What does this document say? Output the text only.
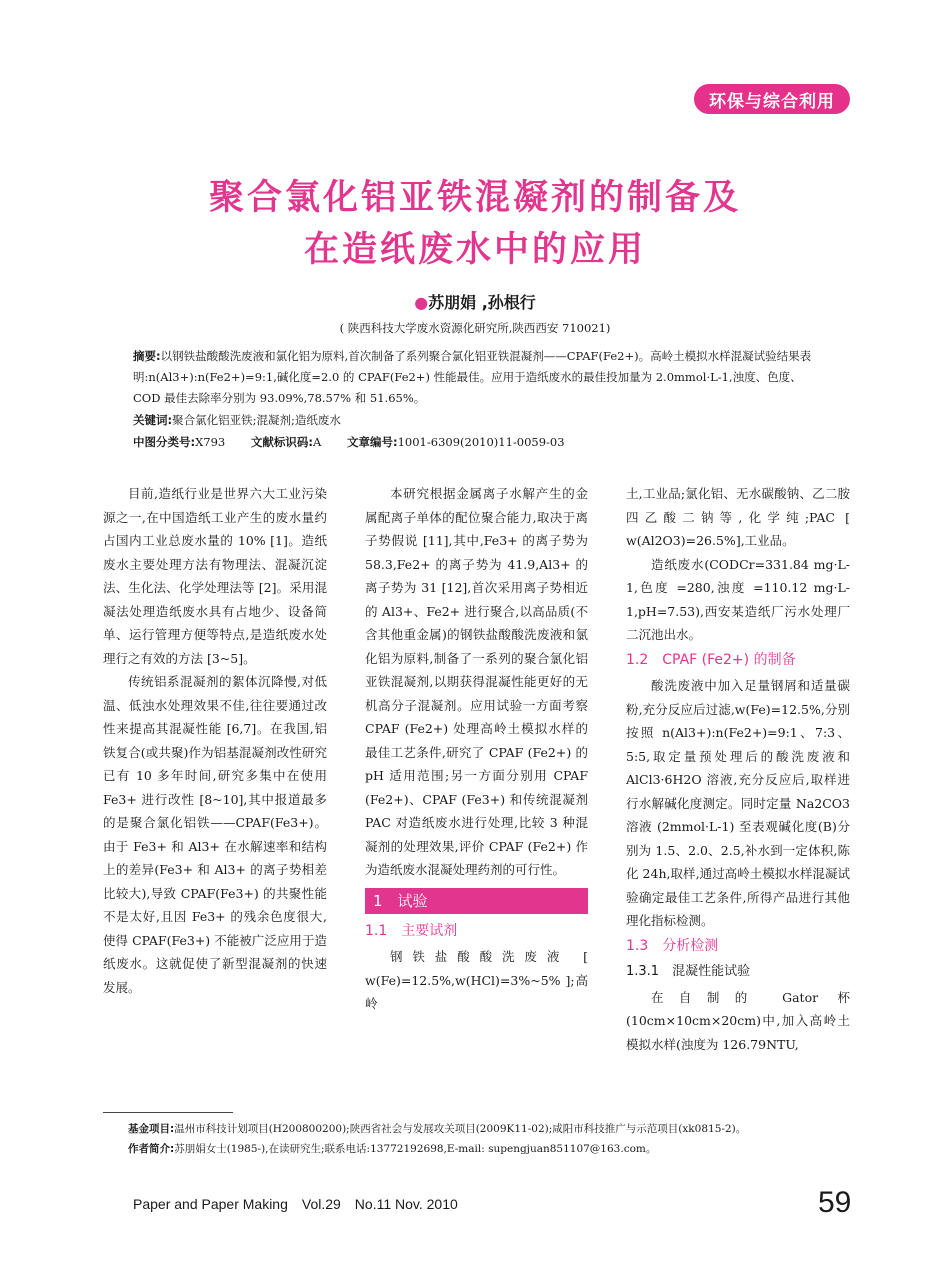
环保与综合利用
聚合氯化铝亚铁混凝剂的制备及
在造纸废水中的应用
●苏朋娟 ,孙根行
( 陕西科技大学废水资源化研究所,陕西西安 710021)
摘要:以钢铁盐酸酸洗废液和氯化铝为原料,首次制备了系列聚合氯化铝亚铁混凝剂——CPAF(Fe2+)。高岭土模拟水样混凝试验结果表明:n(Al3+):n(Fe2+)=9:1,碱化度=2.0 的 CPAF(Fe2+) 性能最佳。应用于造纸废水的最佳投加量为 2.0mmol·L-1,浊度、色度、COD 最佳去除率分别为 93.09%,78.57% 和 51.65%。
关键词:聚合氯化铝亚铁;混凝剂;造纸废水
中图分类号:X793 文献标识码:A 文章编号:1001-6309(2010)11-0059-03

目前,造纸行业是世界六大工业污染源之一,在中国造纸工业产生的废水量约占国内工业总废水量的 10% [1]。造纸废水主要处理方法有物理法、混凝沉淀法、生化法、化学处理法等 [2]。采用混凝法处理造纸废水具有占地少、设备简单、运行管理方便等特点,是造纸废水处理行之有效的方法 [3~5]。

传统铝系混凝剂的絮体沉降慢,对低温、低浊水处理效果不佳,往往要通过改性来提高其混凝性能 [6,7]。在我国,铝铁复合(或共聚)作为铝基混凝剂改性研究已有 10 多年时间,研究多集中在使用 Fe3+ 进行改性 [8~10],其中报道最多的是聚合氯化铝铁——CPAF(Fe3+)。由于 Fe3+ 和 Al3+ 在水解速率和结构上的差异(Fe3+ 和 Al3+ 的离子势相差比较大),导致 CPAF(Fe3+) 的共聚性能不是太好,且因 Fe3+ 的残余色度很大,使得 CPAF(Fe3+) 不能被广泛应用于造纸废水。这就促使了新型混凝剂的快速发展。

本研究根据金属离子水解产生的金属配离子单体的配位聚合能力,取决于离子势假说 [11],其中,Fe3+ 的离子势为 58.3,Fe2+ 的离子势为 41.9,Al3+ 的离子势为 31 [12],首次采用离子势相近的 Al3+、Fe2+ 进行聚合,以高品质(不含其他重金属)的钢铁盐酸酸洗废液和氯化铝为原料,制备了一系列的聚合氯化铝亚铁混凝剂,以期获得混凝性能更好的无机高分子混凝剂。应用试验一方面考察 CPAF (Fe2+) 处理高岭土模拟水样的最佳工艺条件,研究了 CPAF (Fe2+) 的 pH 适用范围;另一方面分别用 CPAF (Fe2+)、CPAF (Fe3+) 和传统混凝剂 PAC 对造纸废水进行处理,比较 3 种混凝剂的处理效果,评价 CPAF (Fe2+) 作为造纸废水混凝处理药剂的可行性。

1　试验
1.1　主要试剂

钢铁盐酸酸洗废液 [ w(Fe)=12.5%,w(HCl)=3%~5% ];高岭

土,工业品;氯化铝、无水碳酸钠、乙二胺四乙酸二钠等,化学纯;PAC [ w(Al2O3)=26.5%],工业品。

造纸废水(CODCr=331.84 mg·L-1,色度 =280,浊度 =110.12 mg·L-1,pH=7.53),西安某造纸厂污水处理厂二沉池出水。

1.2　CPAF (Fe2+) 的制备

酸洗废液中加入足量钢屑和适量碳粉,充分反应后过滤,w(Fe)=12.5%,分别按照 n(Al3+):n(Fe2+)=9:1、7:3、5:5,取定量预处理后的酸洗废液和 AlCl3·6H2O 溶液,充分反应后,取样进行水解碱化度测定。同时定量 Na2CO3 溶液 (2mmol·L-1) 至表观碱化度(B)分别为 1.5、2.0、2.5,补水到一定体积,陈化 24h,取样,通过高岭土模拟水样混凝试验确定最佳工艺条件,所得产品进行其他理化指标检测。

1.3　分析检测
1.3.1　混凝性能试验

在自制的 Gator 杯(10cm×10cm×20cm)中,加入高岭土模拟水样(浊度为 126.79NTU,

基金项目:温州市科技计划项目(H200800200);陕西省社会与发展攻关项目(2009K11-02);咸阳市科技推广与示范项目(xk0815-2)。
作者简介:苏朋娟女士(1985-),在读研究生;联系电话:13772192698,E-mail: supengjuan851107@163.com。
Paper and Paper Making　Vol.29　No.11 Nov. 2010	59
